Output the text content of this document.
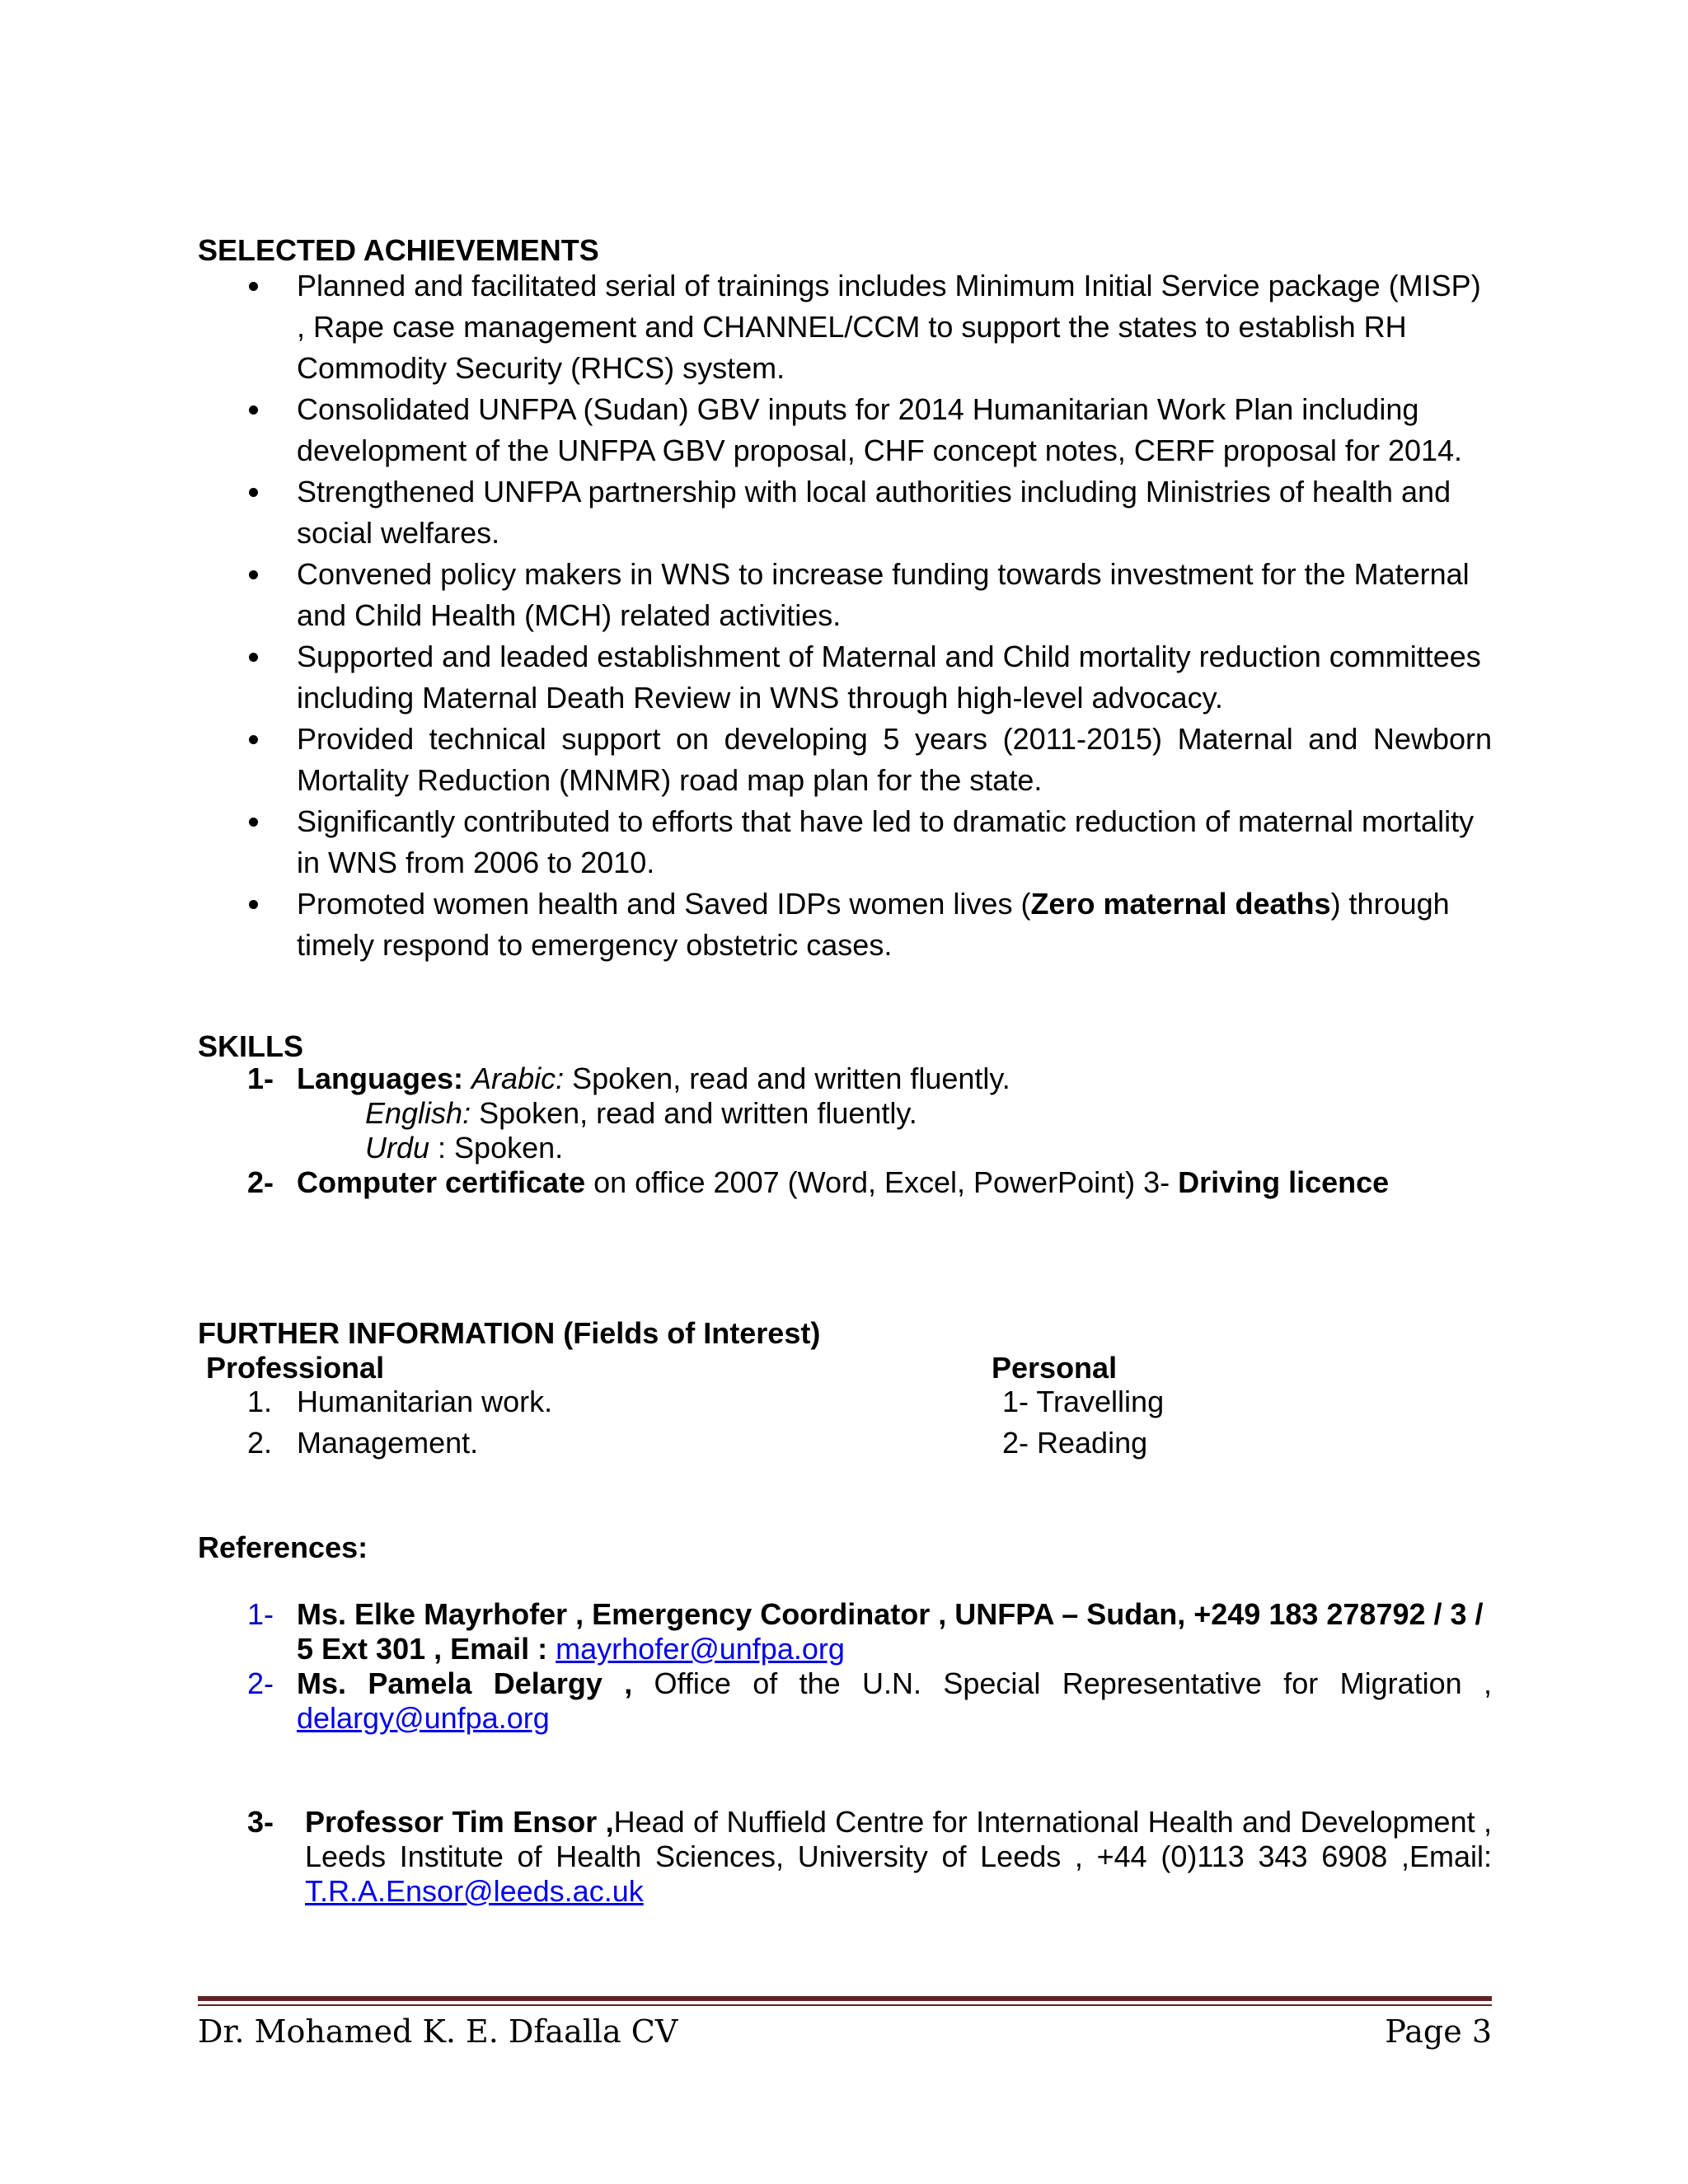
SELECTED ACHIEVEMENTS
Planned and facilitated serial of trainings includes Minimum Initial Service package (MISP) , Rape case management and CHANNEL/CCM to support the states to establish RH Commodity Security (RHCS) system.
Consolidated UNFPA (Sudan) GBV inputs for 2014 Humanitarian Work Plan including development of the UNFPA GBV proposal, CHF concept notes, CERF proposal for 2014.
Strengthened UNFPA partnership with local authorities including Ministries of health and social welfares.
Convened policy makers in WNS to increase funding towards investment for the Maternal and Child Health (MCH) related activities.
Supported and leaded establishment of Maternal and Child mortality reduction committees including Maternal Death Review in WNS through high-level advocacy.
Provided technical support on developing 5 years (2011-2015) Maternal and Newborn Mortality Reduction (MNMR) road map plan for the state.
Significantly contributed to efforts that have led to dramatic reduction of maternal mortality in WNS from 2006 to 2010.
Promoted women health and Saved IDPs women lives (Zero maternal deaths) through timely respond to emergency obstetric cases.
SKILLS
1- Languages: Arabic: Spoken, read and written fluently.
English: Spoken, read and written fluently.
Urdu : Spoken.
2- Computer certificate on office 2007 (Word, Excel, PowerPoint) 3- Driving licence
FURTHER INFORMATION (Fields of Interest)
Professional	Personal
1. Humanitarian work.
2. Management.
1- Travelling
2- Reading
References:
1- Ms. Elke Mayrhofer , Emergency Coordinator , UNFPA – Sudan, +249 183 278792 / 3 / 5 Ext 301 , Email : mayrhofer@unfpa.org
2- Ms. Pamela Delargy , Office of the U.N. Special Representative for Migration , delargy@unfpa.org
3- Professor Tim Ensor ,Head of Nuffield Centre for International Health and Development , Leeds Institute of Health Sciences, University of Leeds , +44 (0)113 343 6908 ,Email: T.R.A.Ensor@leeds.ac.uk
Dr. Mohamed K. E. Dfaalla CV	Page 3
